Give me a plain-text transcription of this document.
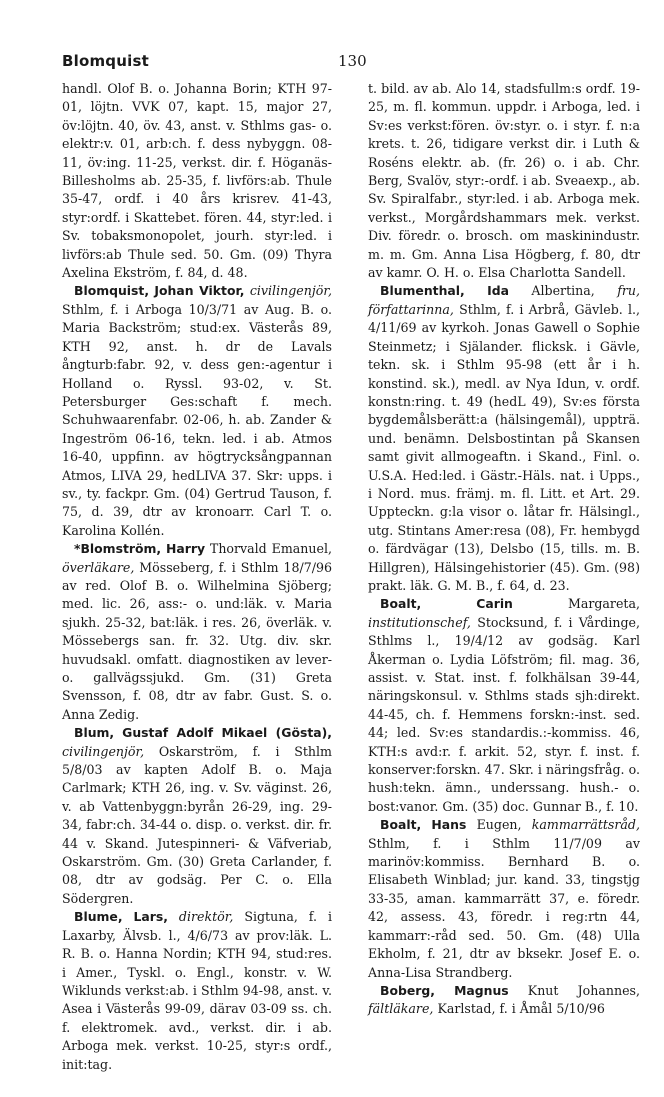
Blomquist	130

handl. Olof B. o. Johanna Borin; KTH 97-01, löjtn. VVK 07, kapt. 15, major 27, öv:löjtn. 40, öv. 43, anst. v. Sthlms gas- o. elektr:v. 01, arb:ch. f. dess nybyggn. 08-11, öv:ing. 11-25, verkst. dir. f. Höganäs-Billesholms ab. 25-35, f. livförs:ab. Thule 35-47, ordf. i 40 års krisrev. 41-43, styr:ordf. i Skattebet. fören. 44, styr:led. i Sv. tobaksmonopolet, jourh. styr:led. i livförs:ab Thule sed. 50. Gm. (09) Thyra Axelina Ekström, f. 84, d. 48.

Blomquist, Johan Viktor, civilingenjör, Sthlm, f. i Arboga 10/3/71 av Aug. B. o. Maria Backström; stud:ex. Västerås 89, KTH 92, anst. h. dr de Lavals ångturb:fabr. 92, v. dess gen:-agentur i Holland o. Ryssl. 93-02, v. St. Petersburger Ges:schaft f. mech. Schuhwaarenfabr. 02-06, h. ab. Zander & Ingeström 06-16, tekn. led. i ab. Atmos 16-40, uppfinn. av högtrycksångpannan Atmos, LIVA 29, hedLIVA 37. Skr: upps. i sv., ty. fackpr. Gm. (04) Gertrud Tauson, f. 75, d. 39, dtr av kronoarr. Carl T. o. Karolina Kollén.

*Blomström, Harry Thorvald Emanuel, överläkare, Mösseberg, f. i Sthlm 18/7/96 av red. Olof B. o. Wilhelmina Sjöberg; med. lic. 26, ass:- o. und:läk. v. Maria sjukh. 25-32, bat:läk. i res. 26, överläk. v. Mössebergs san. fr. 32. Utg. div. skr. huvudsakl. omfatt. diagnostiken av lever- o. gallvägssjukd. Gm. (31) Greta Svensson, f. 08, dtr av fabr. Gust. S. o. Anna Zedig.

Blum, Gustaf Adolf Mikael (Gösta), civilingenjör, Oskarström, f. i Sthlm 5/8/03 av kapten Adolf B. o. Maja Carlmark; KTH 26, ing. v. Sv. väginst. 26, v. ab Vattenbyggn:byrån 26-29, ing. 29-34, fabr:ch. 34-44 o. disp. o. verkst. dir. fr. 44 v. Skand. Jutespinneri- & Väfveriab, Oskarström. Gm. (30) Greta Carlander, f. 08, dtr av godsäg. Per C. o. Ella Södergren.

Blume, Lars, direktör, Sigtuna, f. i Laxarby, Älvsb. l., 4/6/73 av prov:läk. L. R. B. o. Hanna Nordin; KTH 94, stud:res. i Amer., Tyskl. o. Engl., konstr. v. W. Wiklunds verkst:ab. i Sthlm 94-98, anst. v. Asea i Västerås 99-09, därav 03-09 ss. ch. f. elektromek. avd., verkst. dir. i ab. Arboga mek. verkst. 10-25, styr:s ordf., init:tag.

t. bild. av ab. Alo 14, stadsfullm:s ordf. 19-25, m. fl. kommun. uppdr. i Arboga, led. i Sv:es verkst:fören. öv:styr. o. i styr. f. n:a krets. t. 26, tidigare verkst dir. i Luth & Roséns elektr. ab. (fr. 26) o. i ab. Chr. Berg, Svalöv, styr:-ordf. i ab. Sveaexp., ab. Sv. Spiralfabr., styr:led. i ab. Arboga mek. verkst., Morgårdshammars mek. verkst. Div. föredr. o. brosch. om maskinindustr. m. m. Gm. Anna Lisa Högberg, f. 80, dtr av kamr. O. H. o. Elsa Charlotta Sandell.

Blumenthal, Ida Albertina, fru, författarinna, Sthlm, f. i Arbrå, Gävleb. l., 4/11/69 av kyrkoh. Jonas Gawell o Sophie Steinmetz; i Själander. flicksk. i Gävle, tekn. sk. i Sthlm 95-98 (ett år i h. konstind. sk.), medl. av Nya Idun, v. ordf. konstn:ring. t. 49 (hedL 49), Sv:es första bygdemålsberätt:a (hälsingemål), uppträ. und. benämn. Delsbostintan på Skansen samt givit allmogeaftn. i Skand., Finl. o. U.S.A. Hed:led. i Gästr.-Häls. nat. i Upps., i Nord. mus. främj. m. fl. Litt. et Art. 29. Uppteckn. g:la visor o. låtar fr. Hälsingl., utg. Stintans Amer:resa (08), Fr. hembygd o. färdvägar (13), Delsbo (15, tills. m. B. Hillgren), Hälsingehistorier (45). Gm. (98) prakt. läk. G. M. B., f. 64, d. 23.

Boalt,	Carin	Margareta, institutionschef, Stocksund, f. i Vårdinge, Sthlms l., 19/4/12 av godsäg. Karl Åkerman o. Lydia Löfström; fil. mag. 36, assist. v. Stat. inst. f. folkhälsan 39-44, näringskonsul. v. Sthlms stads sjh:direkt. 44-45, ch. f. Hemmens forskn:-inst. sed. 44; led. Sv:es standardis.:-kommiss. 46, KTH:s avd:r. f. arkit. 52, styr. f. inst. f. konserver:forskn. 47. Skr. i näringsfråg. o. hush:tekn. ämn., underssang. hush.- o. bost:vanor. Gm. (35) doc. Gunnar B., f. 10.

Boalt, Hans Eugen, kammarrättsråd, Sthlm, f. i Sthlm 11/7/09 av marinöv:kommiss. Bernhard B. o. Elisabeth Winblad; jur. kand. 33, tingstjg 33-35, aman. kammarrätt 37, e. föredr. 42, assess. 43, föredr. i reg:rtn 44, kammarr:-råd sed. 50. Gm. (48) Ulla Ekholm, f. 21, dtr av bksekr. Josef E. o. Anna-Lisa Strandberg.

Boberg, Magnus Knut Johannes, fältläkare, Karlstad, f. i Åmål 5/10/96
